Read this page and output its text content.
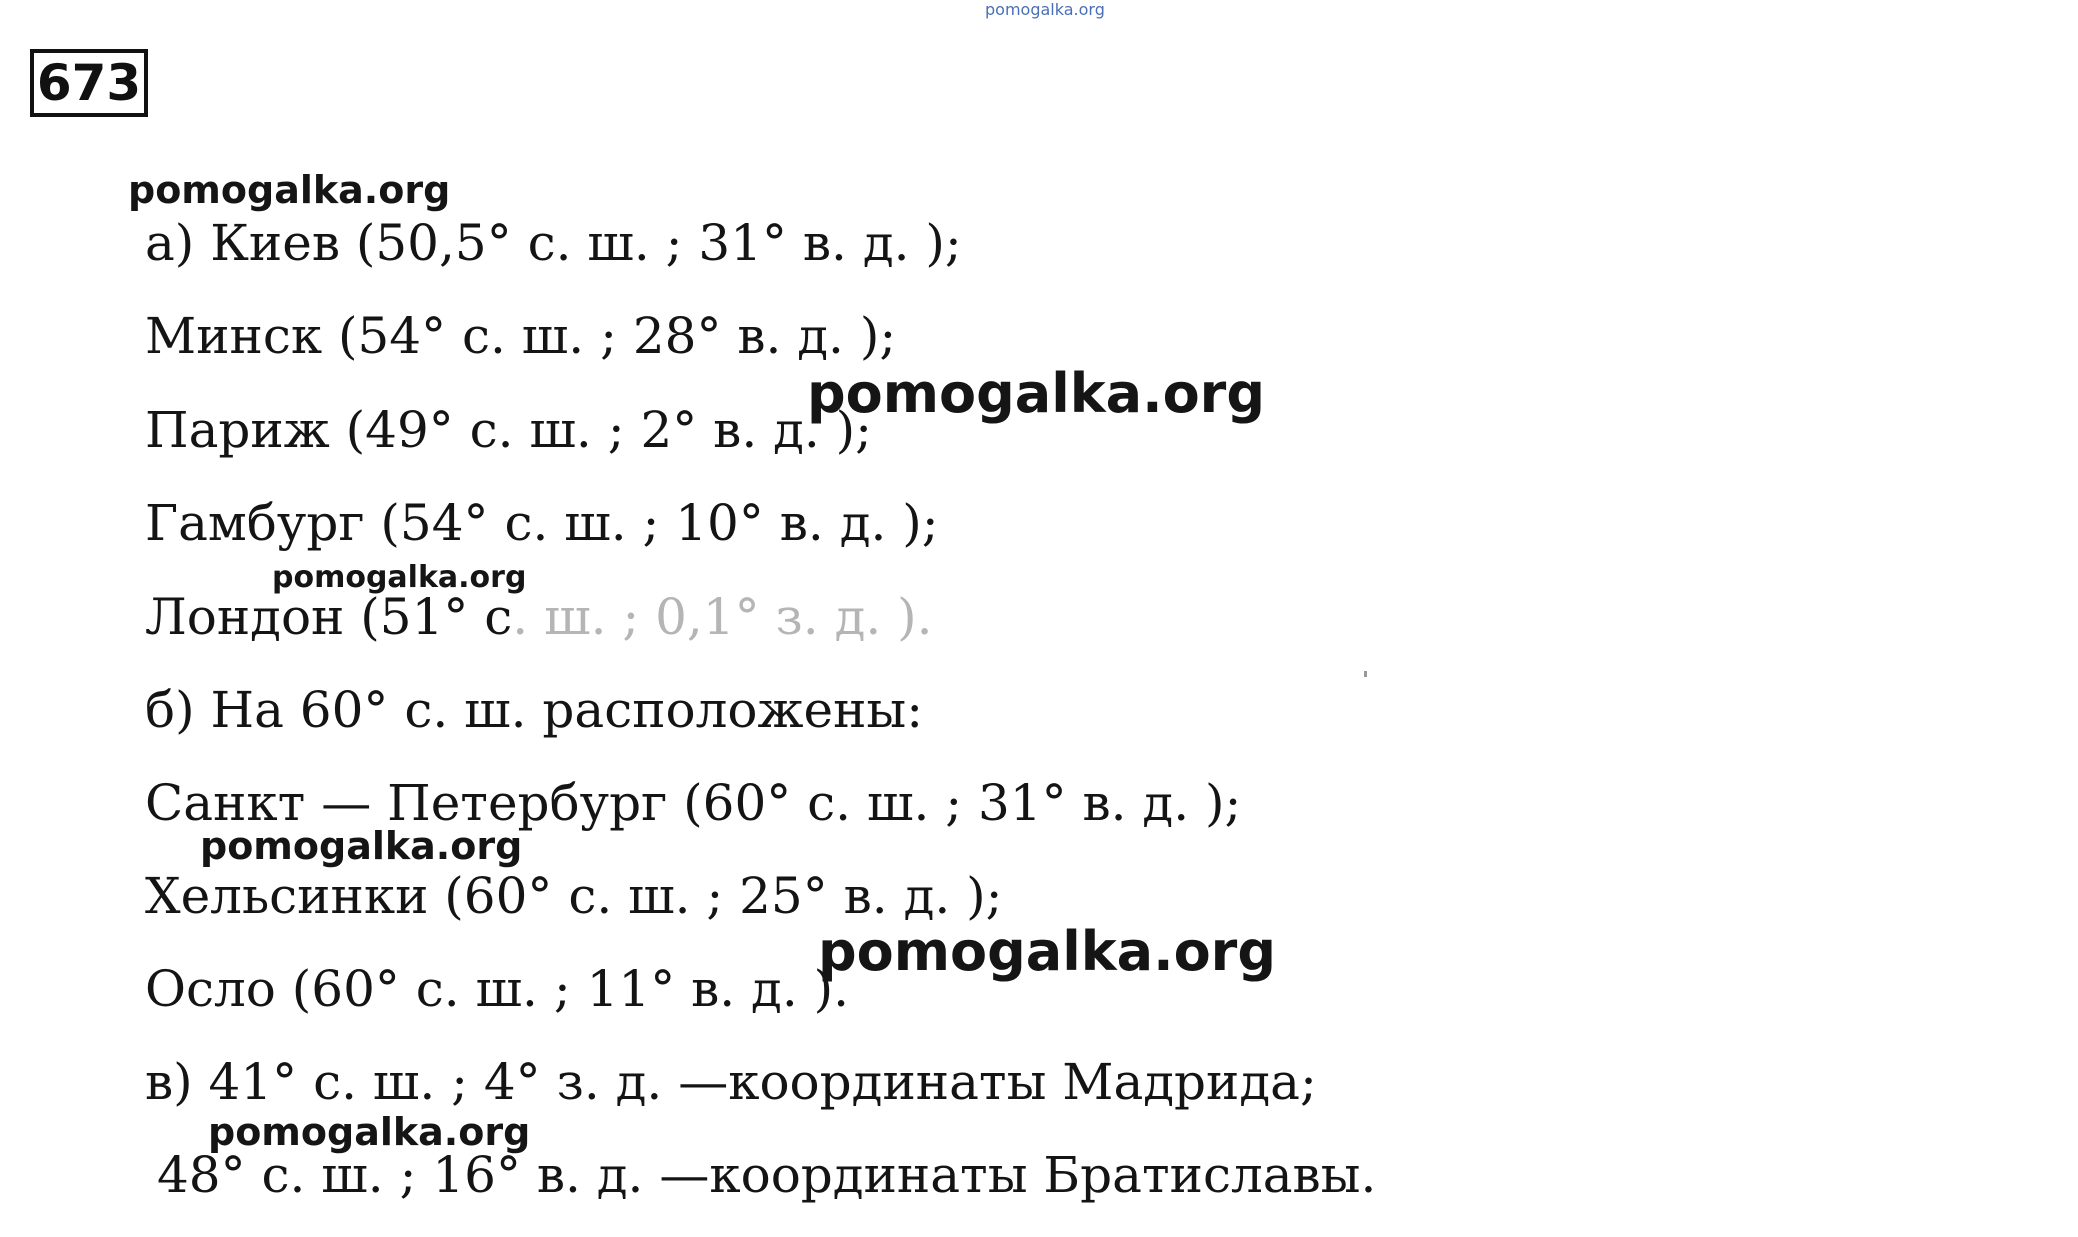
pomogalka.org
673
pomogalka.org
а) Киев (50,5° с. ш. ; 31° в. д. );
Минск (54° с. ш. ; 28° в. д. );
Париж (49° с. ш. ; 2° в. д. );
pomogalka.org
Гамбург (54° с. ш. ; 10° в. д. );
pomogalka.org
Лондон (51° с. ш. ; 0,1° з. д. ).
б) На 60° с. ш. расположены:
Санкт — Петербург (60° с. ш. ; 31° в. д. );
pomogalka.org
Хельсинки (60° с. ш. ; 25° в. д. );
pomogalka.org
Осло (60° с. ш. ; 11° в. д. ).
в) 41° с. ш. ; 4° з. д. —координаты Мадрида;
pomogalka.org
48° с. ш. ; 16° в. д. —координаты Братиславы.
